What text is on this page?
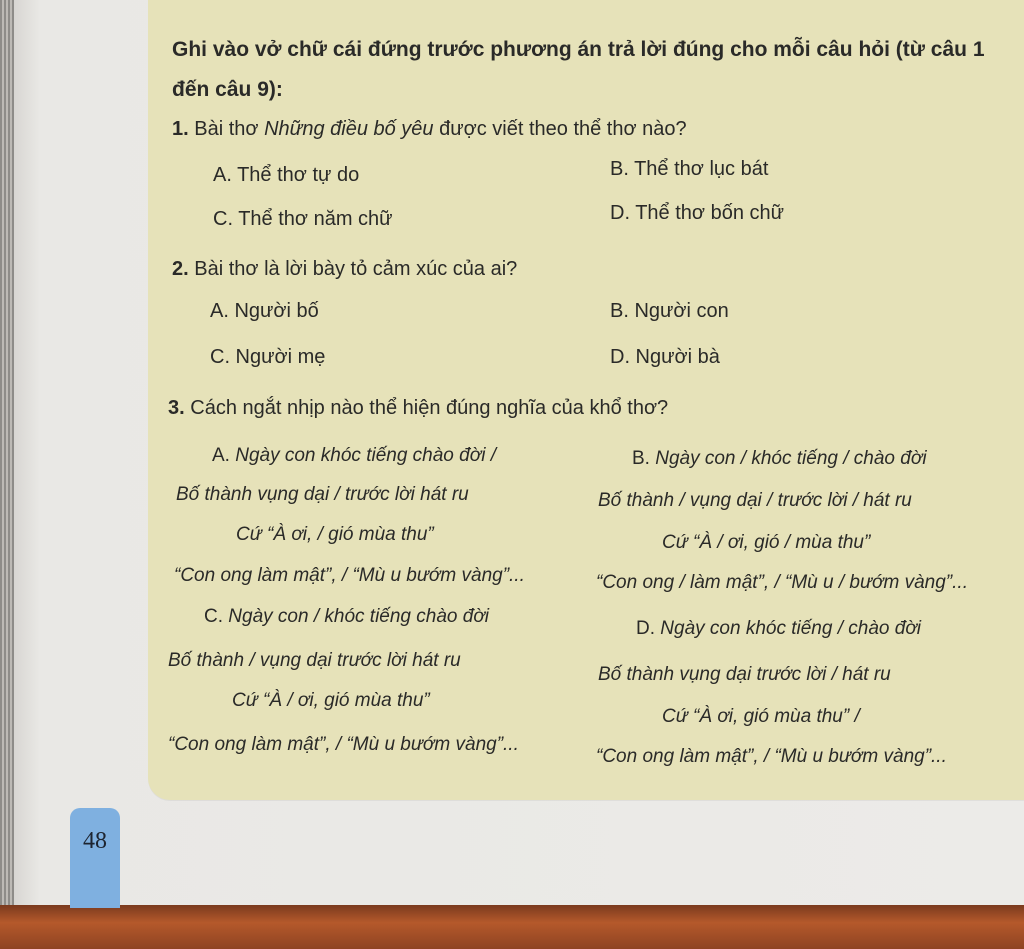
Ghi vào vở chữ cái đứng trước phương án trả lời đúng cho mỗi câu hỏi (từ câu 1
đến câu 9):
1. Bài thơ Những điều bố yêu được viết theo thể thơ nào?
A. Thể thơ tự do	B. Thể thơ lục bát
C. Thể thơ năm chữ	D. Thể thơ bốn chữ
2. Bài thơ là lời bày tỏ cảm xúc của ai?
A. Người bố	B. Người con
C. Người mẹ	D. Người bà
3. Cách ngắt nhịp nào thể hiện đúng nghĩa của khổ thơ?
A. Ngày con khóc tiếng chào đời /
Bố thành vụng dại / trước lời hát ru
Cứ “À ơi, / gió mùa thu”
“Con ong làm mật”, / “Mù u bướm vàng”...
B. Ngày con / khóc tiếng / chào đời
Bố thành / vụng dại / trước lời / hát ru
Cứ “À / ơi, gió / mùa thu”
“Con ong / làm mật”, / “Mù u / bướm vàng”...
C. Ngày con / khóc tiếng chào đời
Bố thành / vụng dại trước lời hát ru
Cứ “À / ơi, gió mùa thu”
“Con ong làm mật”, / “Mù u bướm vàng”...
D. Ngày con khóc tiếng / chào đời
Bố thành vụng dại trước lời / hát ru
Cứ “À ơi, gió mùa thu” /
“Con ong làm mật”, / “Mù u bướm vàng”...
48
